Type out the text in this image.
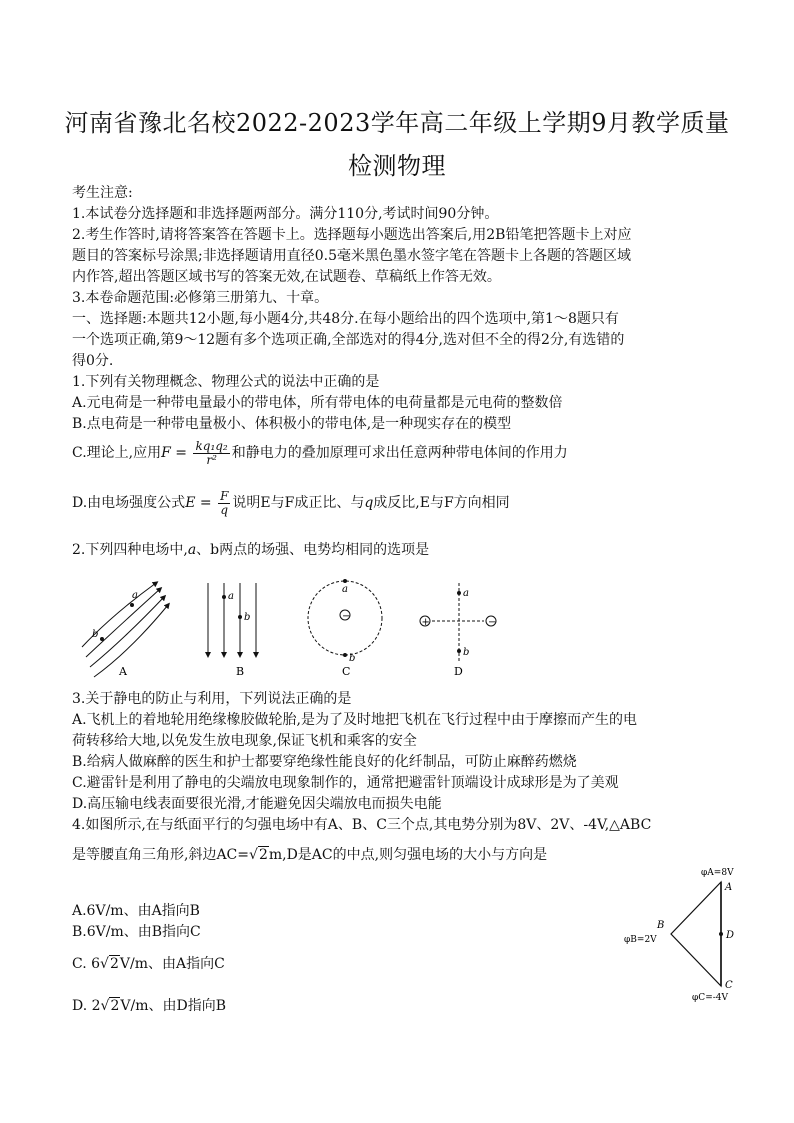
河南省豫北名校2022-2023学年高二年级上学期9月教学质量
检测物理
考生注意:
1.本试卷分选择题和非选择题两部分。满分110分,考试时间90分钟。
2.考生作答时,请将答案答在答题卡上。选择题每小题选出答案后,用2B铅笔把答题卡上对应
题目的答案标号涂黑;非选择题请用直径0.5毫米黑色墨水签字笔在答题卡上各题的答题区域
内作答,超出答题区域书写的答案无效,在试题卷、草稿纸上作答无效。
3.本卷命题范围:必修第三册第九、十章。
一、选择题:本题共12小题,每小题4分,共48分.在每小题给出的四个选项中,第1～8题只有
一个选项正确,第9～12题有多个选项正确,全部选对的得4分,选对但不全的得2分,有选错的
得0分.
1.下列有关物理概念、物理公式的说法中正确的是
A.元电荷是一种带电量最小的带电体，所有带电体的电荷量都是元电荷的整数倍
B.点电荷是一种带电量极小、体积极小的带电体,是一种现实存在的模型
C.理论上,应用$F = \frac{\text{kq₁q₂}}{\text{r²}}$ 和静电力的叠加原理可求出任意两种带电体间的作用力
D.由电场强度公式$E = \frac{F}{q}$ 说明E与F成正比、与q成反比,E与F方向相同
2.下列四种电场中,a、b两点的场强、电势均相同的选项是
a
b
A
a
b
B
−
a
b
C
+	−
a
b
D
3.关于静电的防止与利用，下列说法正确的是
A.飞机上的着地轮用绝缘橡胶做轮胎,是为了及时地把飞机在飞行过程中由于摩擦而产生的电
荷转移给大地,以免发生放电现象,保证飞机和乘客的安全
B.给病人做麻醉的医生和护士都要穿绝缘性能良好的化纤制品，可防止麻醉药燃烧
C.避雷针是利用了静电的尖端放电现象制作的，通常把避雷针顶端设计成球形是为了美观
D.高压输电线表面要很光滑,才能避免因尖端放电而损失电能
4.如图所示,在与纸面平行的匀强电场中有A、B、C三个点,其电势分别为8V、2V、-4V,△ABC
是等腰直角三角形,斜边AC=√2m,D是AC的中点,则匀强电场的大小与方向是
A.6V/m、由A指向B
B.6V/m、由B指向C
C. 6√2V/m、由A指向C
D. 2√2V/m、由D指向B
φA=8V
A
B
φB=2V	D
C
φC=-4V
